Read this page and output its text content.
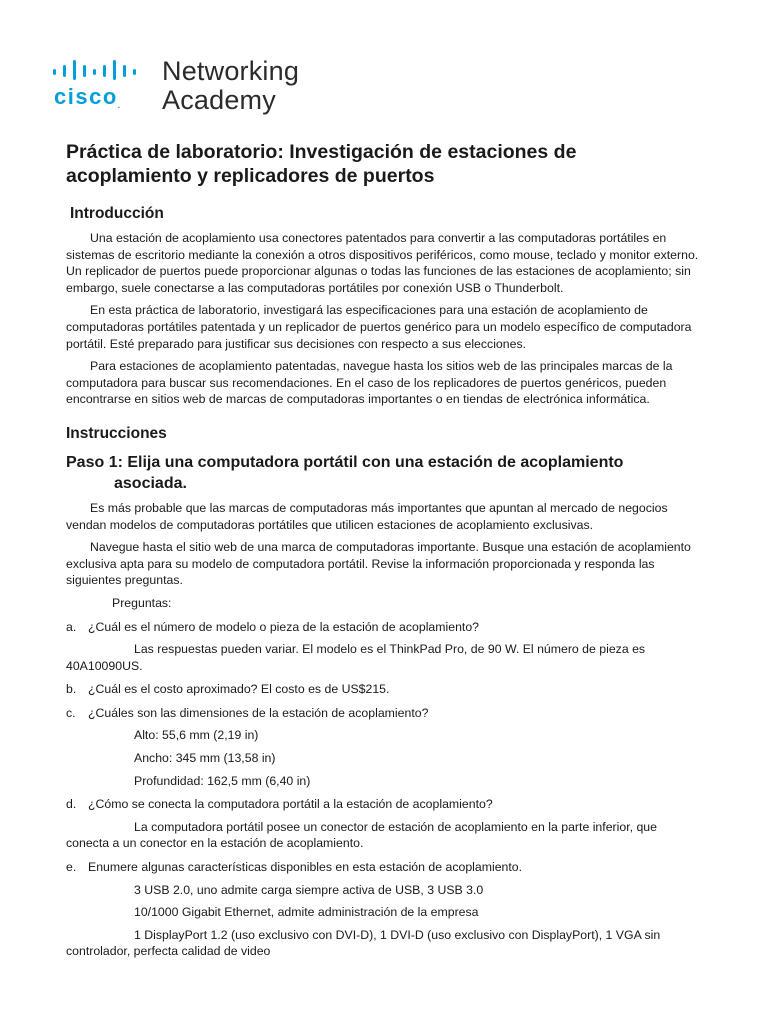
cisco.
Networking
Academy
Práctica de laboratorio: Investigación de estaciones de acoplamiento y replicadores de puertos
Introducción

Una estación de acoplamiento usa conectores patentados para convertir a las computadoras portátiles en sistemas de escritorio mediante la conexión a otros dispositivos periféricos, como mouse, teclado y monitor externo. Un replicador de puertos puede proporcionar algunas o todas las funciones de las estaciones de acoplamiento; sin embargo, suele conectarse a las computadoras portátiles por conexión USB o Thunderbolt.

En esta práctica de laboratorio, investigará las especificaciones para una estación de acoplamiento de computadoras portátiles patentada y un replicador de puertos genérico para un modelo específico de computadora portátil. Esté preparado para justificar sus decisiones con respecto a sus elecciones.

Para estaciones de acoplamiento patentadas, navegue hasta los sitios web de las principales marcas de la computadora para buscar sus recomendaciones. En el caso de los replicadores de puertos genéricos, pueden encontrarse en sitios web de marcas de computadoras importantes o en tiendas de electrónica informática.

Instrucciones
Paso 1: Elija una computadora portátil con una estación de acoplamiento
asociada.

Es más probable que las marcas de computadoras más importantes que apuntan al mercado de negocios vendan modelos de computadoras portátiles que utilicen estaciones de acoplamiento exclusivas.

Navegue hasta el sitio web de una marca de computadoras importante. Busque una estación de acoplamiento exclusiva apta para su modelo de computadora portátil. Revise la información proporcionada y responda las siguientes preguntas.

Preguntas:

a. ¿Cuál es el número de modelo o pieza de la estación de acoplamiento?

Las respuestas pueden variar. El modelo es el ThinkPad Pro, de 90 W. El número de pieza es 40A10090US.

b. ¿Cuál es el costo aproximado? El costo es de US$215.
c. ¿Cuáles son las dimensiones de la estación de acoplamiento?

Alto: 55,6 mm (2,19 in)

Ancho: 345 mm (13,58 in)

Profundidad: 162,5 mm (6,40 in)

d. ¿Cómo se conecta la computadora portátil a la estación de acoplamiento?

La computadora portátil posee un conector de estación de acoplamiento en la parte inferior, que conecta a un conector en la estación de acoplamiento.

e. Enumere algunas características disponibles en esta estación de acoplamiento.

3 USB 2.0, uno admite carga siempre activa de USB, 3 USB 3.0

10/1000 Gigabit Ethernet, admite administración de la empresa

1 DisplayPort 1.2 (uso exclusivo con DVI-D), 1 DVI-D (uso exclusivo con DisplayPort), 1 VGA sin controlador, perfecta calidad de video
